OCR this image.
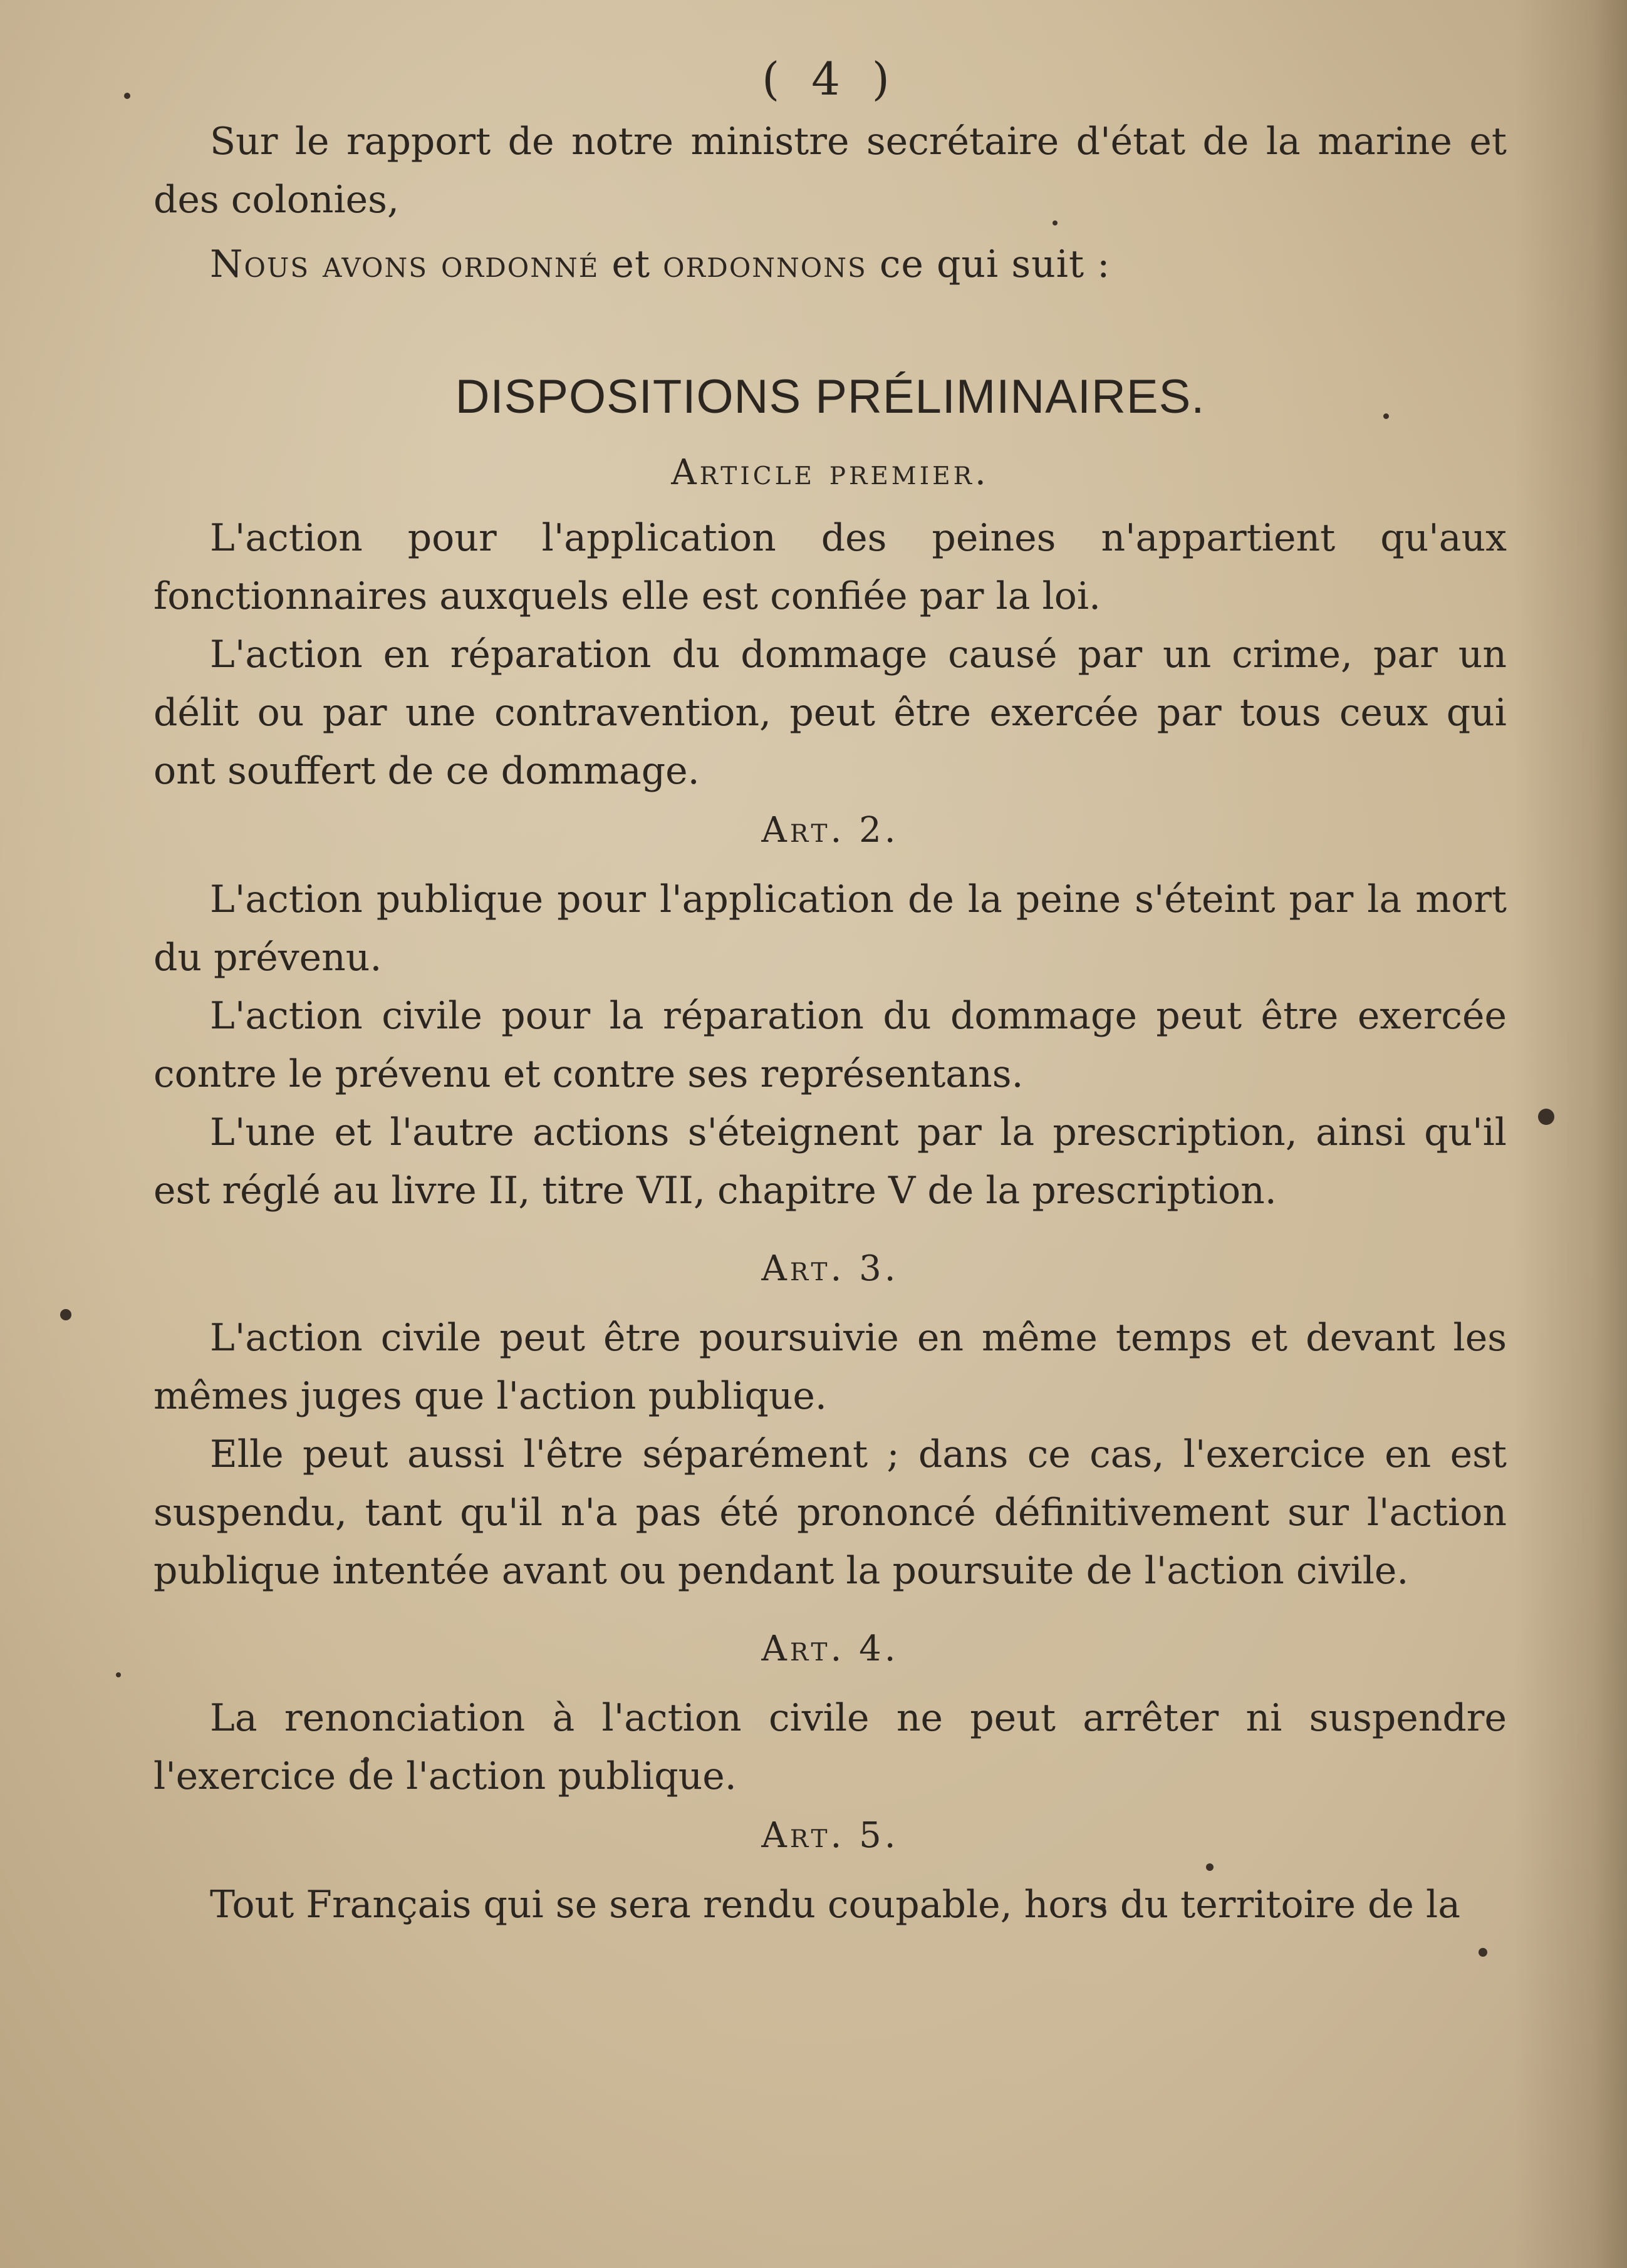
( 4 )

Sur le rapport de notre ministre secrétaire d'état de la marine et des colonies,

Nous avons ordonné et ordonnons ce qui suit :

DISPOSITIONS PRÉLIMINAIRES.
Article premier.

L'action pour l'application des peines n'appartient qu'aux fonctionnaires auxquels elle est confiée par la loi.

L'action en réparation du dommage causé par un crime, par un délit ou par une contravention, peut être exercée par tous ceux qui ont souffert de ce dommage.

Art. 2.

L'action publique pour l'application de la peine s'éteint par la mort du prévenu.

L'action civile pour la réparation du dommage peut être exercée contre le prévenu et contre ses représentans.

L'une et l'autre actions s'éteignent par la prescription, ainsi qu'il est réglé au livre II, titre VII, chapitre V de la prescription.

Art. 3.

L'action civile peut être poursuivie en même temps et devant les mêmes juges que l'action publique.

Elle peut aussi l'être séparément ; dans ce cas, l'exercice en est suspendu, tant qu'il n'a pas été prononcé définitivement sur l'action publique intentée avant ou pendant la poursuite de l'action civile.

Art. 4.

La renonciation à l'action civile ne peut arrêter ni suspendre l'exercice de l'action publique.

Art. 5.

Tout Français qui se sera rendu coupable, hors du territoire de la
